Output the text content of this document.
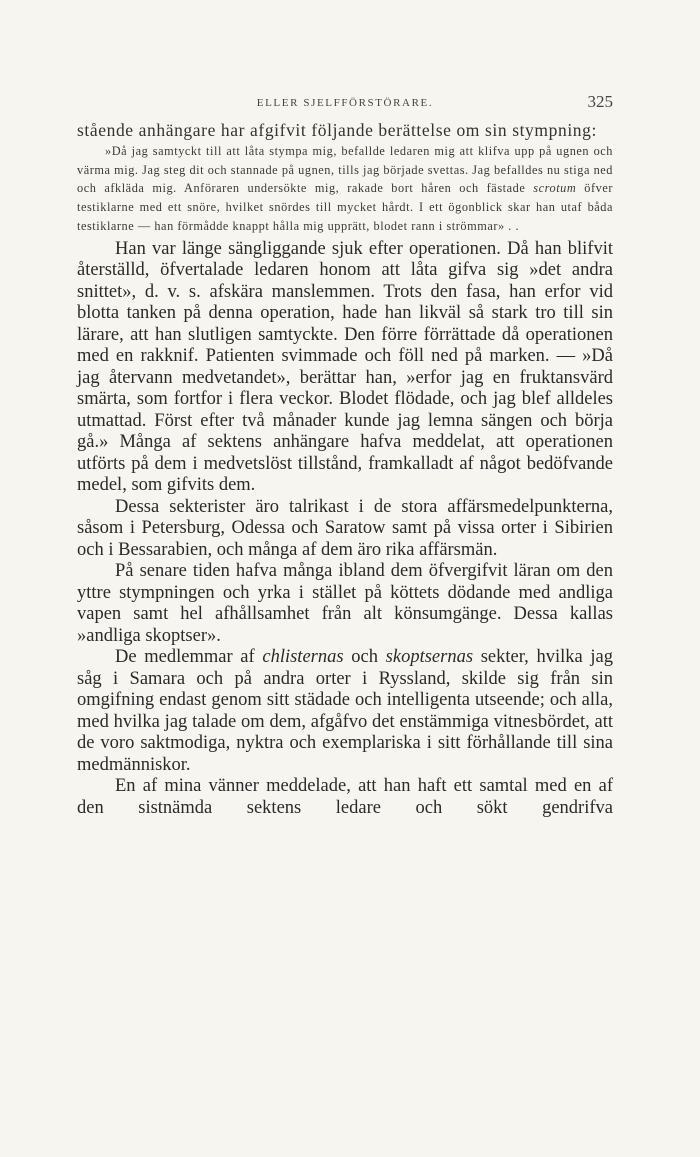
ELLER SJELFFÖRSTÖRARE.	325

stående anhängare har afgifvit följande berättelse om sin stympning:

»Då jag samtyckt till att låta stympa mig, befallde ledaren mig att klifva upp på ugnen och värma mig. Jag steg dit och stannade på ugnen, tills jag började svettas. Jag befalldes nu stiga ned och afkläda mig. Anföraren undersökte mig, rakade bort håren och fästade scrotum öfver testiklarne med ett snöre, hvilket snördes till mycket hårdt. I ett ögonblick skar han utaf båda testiklarne — han förmådde knappt hålla mig upprätt, blodet rann i strömmar» . .

Han var länge sängliggande sjuk efter operationen. Då han blifvit återställd, öfvertalade ledaren honom att låta gifva sig »det andra snittet», d. v. s. afskära manslemmen. Trots den fasa, han erfor vid blotta tanken på denna operation, hade han likväl så stark tro till sin lärare, att han slutligen samtyckte. Den förre förrättade då operationen med en rakknif. Patienten svimmade och föll ned på marken. — »Då jag återvann medvetandet», berättar han, »erfor jag en fruktansvärd smärta, som fortfor i flera veckor. Blodet flödade, och jag blef alldeles utmattad. Först efter två månader kunde jag lemna sängen och börja gå.» Många af sektens anhängare hafva meddelat, att operationen utförts på dem i medvetslöst tillstånd, framkalladt af något bedöfvande medel, som gifvits dem.

Dessa sekterister äro talrikast i de stora affärsmedelpunkterna, såsom i Petersburg, Odessa och Saratow samt på vissa orter i Sibirien och i Bessarabien, och många af dem äro rika affärsmän.

På senare tiden hafva många ibland dem öfvergifvit läran om den yttre stympningen och yrka i stället på köttets dödande med andliga vapen samt hel afhållsamhet från alt könsumgänge. Dessa kallas »andliga skoptser».

De medlemmar af chlisternas och skoptsernas sekter, hvilka jag såg i Samara och på andra orter i Ryssland, skilde sig från sin omgifning endast genom sitt städade och intelligenta utseende; och alla, med hvilka jag talade om dem, afgåfvo det enstämmiga vitnesbördet, att de voro saktmodiga, nyktra och exemplariska i sitt förhållande till sina medmänniskor.

En af mina vänner meddelade, att han haft ett samtal med en af den sistnämda sektens ledare och sökt gendrifva
